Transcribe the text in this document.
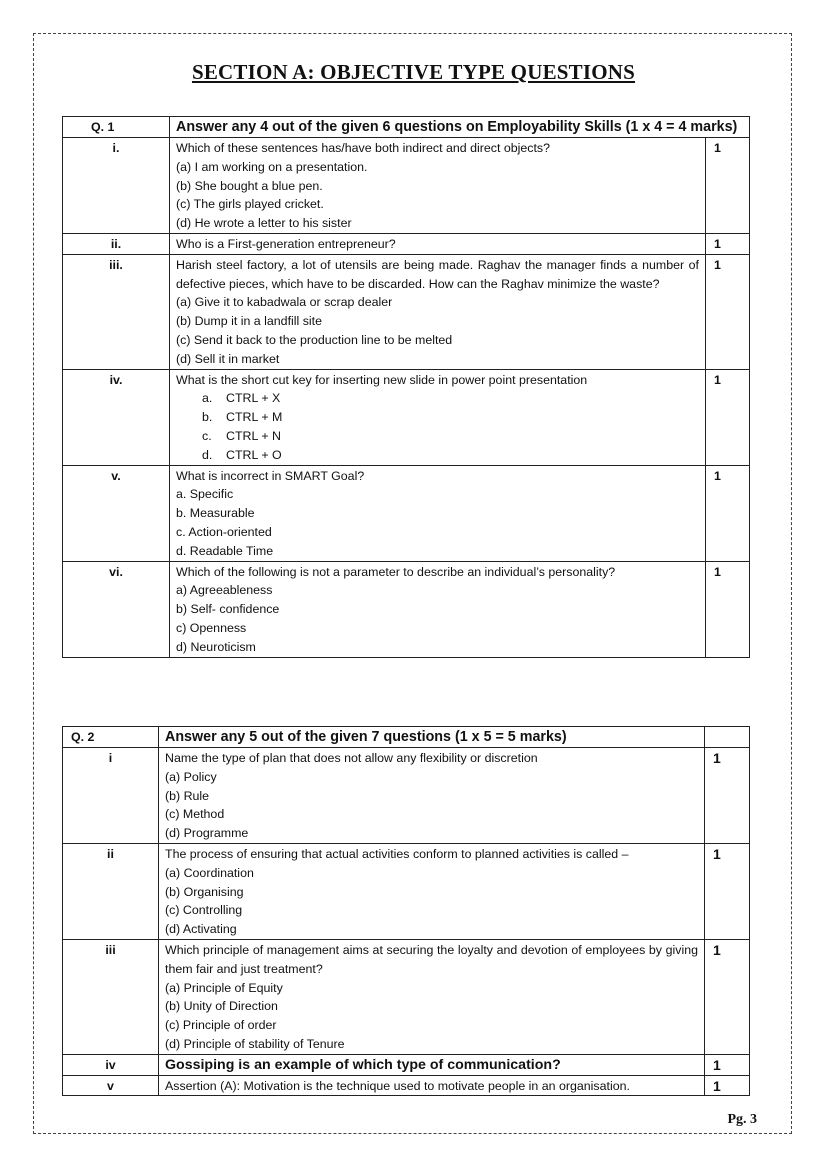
SECTION A: OBJECTIVE TYPE QUESTIONS
Q. 1	Answer any 4 out of the given 6 questions on Employability Skills (1 x 4 = 4 marks)	
i.	Which of these sentences has/have both indirect and direct objects?
(a) I am working on a presentation.
(b) She bought a blue pen.
(c) The girls played cricket.
(d) He wrote a letter to his sister	1
ii.	Who is a First-generation entrepreneur?	1
iii.	Harish steel factory, a lot of utensils are being made. Raghav the manager finds a number of defective pieces, which have to be discarded. How can the Raghav minimize the waste?
(a) Give it to kabadwala or scrap dealer
(b) Dump it in a landfill site
(c) Send it back to the production line to be melted
(d) Sell it in market	1
iv.	What is the short cut key for inserting new slide in power point presentation
a. CTRL + X
b. CTRL + M
c. CTRL + N
d. CTRL + O	1
v.	What is incorrect in SMART Goal?
a. Specific
b. Measurable
c. Action-oriented
d. Readable Time	1
vi.	Which of the following is not a parameter to describe an individual’s personality?
a) Agreeableness
b) Self- confidence
c) Openness
d) Neuroticism	1
Q. 2	Answer any 5 out of the given 7 questions (1 x 5 = 5 marks)	
i	Name the type of plan that does not allow any flexibility or discretion
(a) Policy
(b) Rule
(c) Method
(d) Programme	1
ii	The process of ensuring that actual activities conform to planned activities is called –
(a) Coordination
(b) Organising
(c) Controlling
(d) Activating	1
iii	Which principle of management aims at securing the loyalty and devotion of employees by giving them fair and just treatment?
(a) Principle of Equity
(b) Unity of Direction
(c) Principle of order
(d) Principle of stability of Tenure	1
iv	Gossiping is an example of which type of communication?	1
v	Assertion (A): Motivation is the technique used to motivate people in an organisation.	1
Pg. 3
